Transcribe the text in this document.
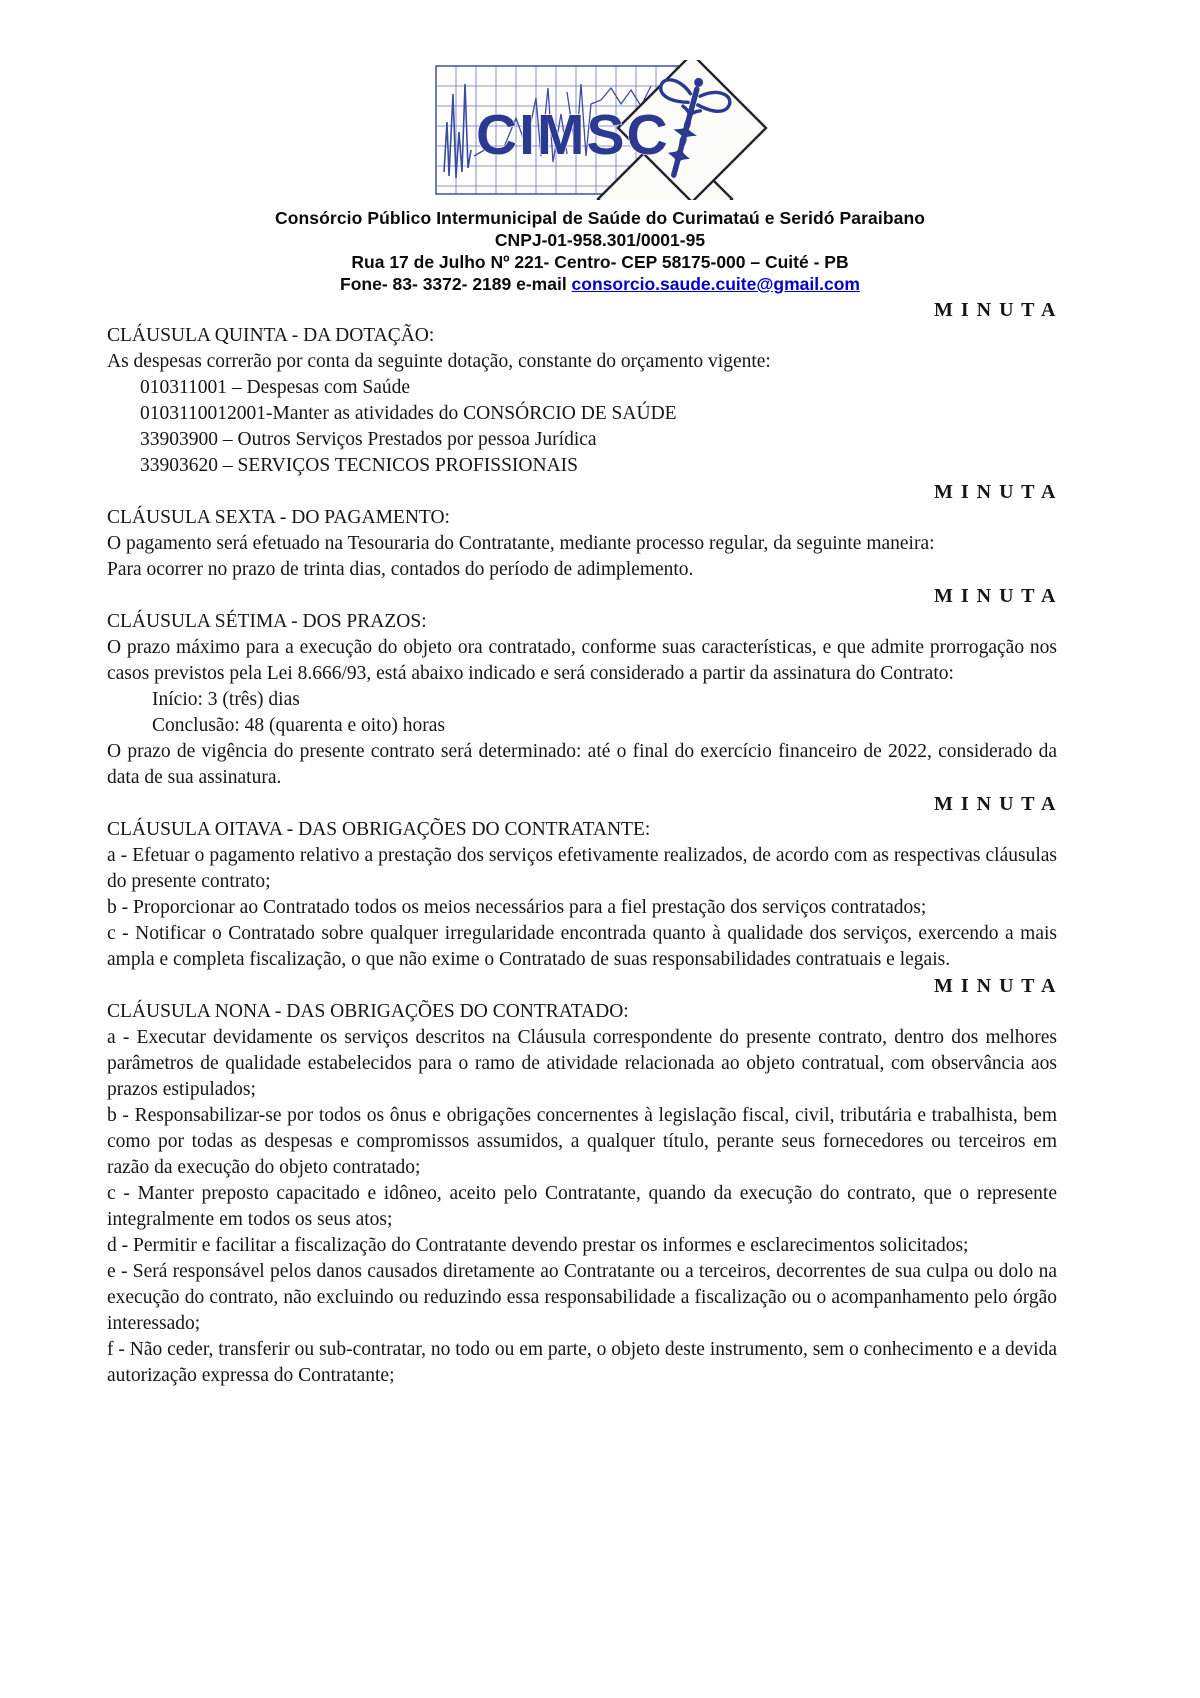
CIMSC
Consórcio Público Intermunicipal de Saúde do Curimataú e Seridó Paraibano
CNPJ-01-958.301/0001-95
Rua 17 de Julho Nº 221- Centro- CEP 58175-000 – Cuité - PB
Fone- 83- 3372- 2189 e-mail consorcio.saude.cuite@gmail.com
M I N U T A
CLÁUSULA QUINTA - DA DOTAÇÃO:
As despesas correrão por conta da seguinte dotação, constante do orçamento vigente:
010311001 – Despesas com Saúde
0103110012001-Manter as atividades do CONSÓRCIO DE SAÚDE
33903900 – Outros Serviços Prestados por pessoa Jurídica
33903620 – SERVIÇOS TECNICOS PROFISSIONAIS
M I N U T A
CLÁUSULA SEXTA - DO PAGAMENTO:
O pagamento será efetuado na Tesouraria do Contratante, mediante processo regular, da seguinte maneira:
Para ocorrer no prazo de trinta dias, contados do período de adimplemento.
M I N U T A
CLÁUSULA SÉTIMA - DOS PRAZOS:
O prazo máximo para a execução do objeto ora contratado, conforme suas características, e que admite prorrogação nos casos previstos pela Lei 8.666/93, está abaixo indicado e será considerado a partir da assinatura do Contrato:
Início: 3 (três) dias
Conclusão: 48 (quarenta e oito) horas
O prazo de vigência do presente contrato será determinado: até o final do exercício financeiro de 2022, considerado da data de sua assinatura.
M I N U T A
CLÁUSULA OITAVA - DAS OBRIGAÇÕES DO CONTRATANTE:
a - Efetuar o pagamento relativo a prestação dos serviços efetivamente realizados, de acordo com as respectivas cláusulas do presente contrato;
b - Proporcionar ao Contratado todos os meios necessários para a fiel prestação dos serviços contratados;
c - Notificar o Contratado sobre qualquer irregularidade encontrada quanto à qualidade dos serviços, exercendo a mais ampla e completa fiscalização, o que não exime o Contratado de suas responsabilidades contratuais e legais.
M I N U T A
CLÁUSULA NONA - DAS OBRIGAÇÕES DO CONTRATADO:
a - Executar devidamente os serviços descritos na Cláusula correspondente do presente contrato, dentro dos melhores parâmetros de qualidade estabelecidos para o ramo de atividade relacionada ao objeto contratual, com observância aos prazos estipulados;
b - Responsabilizar-se por todos os ônus e obrigações concernentes à legislação fiscal, civil, tributária e trabalhista, bem como por todas as despesas e compromissos assumidos, a qualquer título, perante seus fornecedores ou terceiros em razão da execução do objeto contratado;
c - Manter preposto capacitado e idôneo, aceito pelo Contratante, quando da execução do contrato, que o represente integralmente em todos os seus atos;
d - Permitir e facilitar a fiscalização do Contratante devendo prestar os informes e esclarecimentos solicitados;
e - Será responsável pelos danos causados diretamente ao Contratante ou a terceiros, decorrentes de sua culpa ou dolo na execução do contrato, não excluindo ou reduzindo essa responsabilidade a fiscalização ou o acompanhamento pelo órgão interessado;
f - Não ceder, transferir ou sub-contratar, no todo ou em parte, o objeto deste instrumento, sem o conhecimento e a devida autorização expressa do Contratante;
